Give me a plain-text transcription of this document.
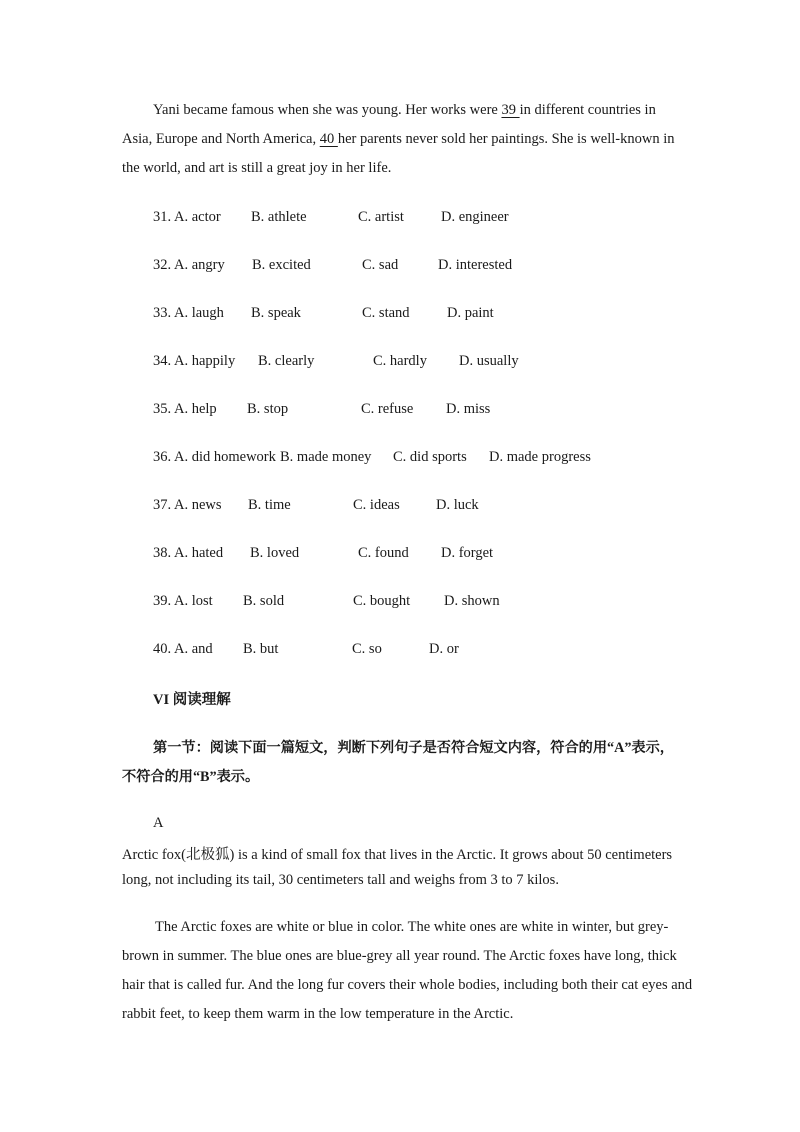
Yani became famous when she was young. Her works were 39 in different countries in
Asia, Europe and North America, 40 her parents never sold her paintings. She is well-known in
the world, and art is still a great joy in her life.
31. A. actor B. athlete	C. artist	D. engineer
32. A. angry B. excited	C. sad	D. interested
33. A. laugh B. speak	C. stand	D. paint
34. A. happily B. clearly	C. hardly D. usually
35. A. help B. stop	C. refuse D. miss
36. A. did homework B. made money C. did sports D. made progress
37. A. news B. time	C. ideas	D. luck
38. A. hated B. loved	C. found D. forget
39. A. lost B. sold	C. bought D. shown
40. A. and B. but	C. so	D. or
VI 阅读理解
第一节：阅读下面一篇短文，判断下列句子是否符合短文内容，符合的用“A”表示，
不符合的用“B”表示。
A
Arctic fox(北极狐) is a kind of small fox that lives in the Arctic. It grows about 50 centimeters
long, not including its tail, 30 centimeters tall and weighs from 3 to 7 kilos.
The Arctic foxes are white or blue in color. The white ones are white in winter, but grey-
brown in summer. The blue ones are blue-grey all year round. The Arctic foxes have long, thick
hair that is called fur. And the long fur covers their whole bodies, including both their cat eyes and
rabbit feet, to keep them warm in the low temperature in the Arctic.
